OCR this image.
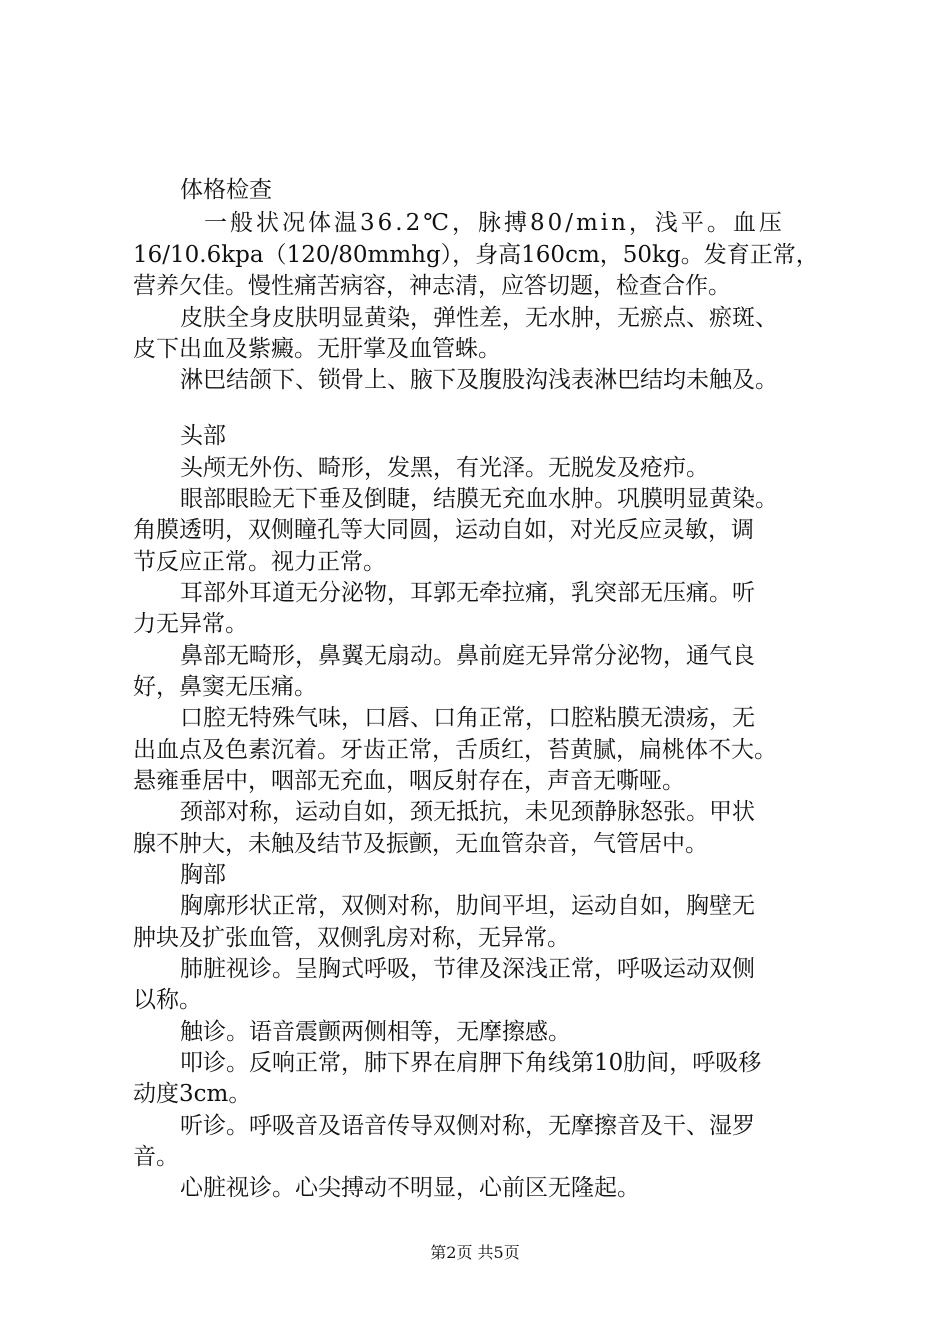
体格检查
一般状况体温36.2℃，脉搏80/min，浅平。血压
16/10.6kpa（120/80mmhg），身高160cm，50kg。发育正常，
营养欠佳。慢性痛苦病容，神志清，应答切题，检查合作。
皮肤全身皮肤明显黄染，弹性差，无水肿，无瘀点、瘀斑、
皮下出血及紫癜。无肝掌及血管蛛。
淋巴结颌下、锁骨上、腋下及腹股沟浅表淋巴结均未触及。
头部
头颅无外伤、畸形，发黑，有光泽。无脱发及疮疖。
眼部眼睑无下垂及倒睫，结膜无充血水肿。巩膜明显黄染。
角膜透明，双侧瞳孔等大同圆，运动自如，对光反应灵敏，调
节反应正常。视力正常。
耳部外耳道无分泌物，耳郭无牵拉痛，乳突部无压痛。听
力无异常。
鼻部无畸形，鼻翼无扇动。鼻前庭无异常分泌物，通气良
好，鼻窦无压痛。
口腔无特殊气味，口唇、口角正常，口腔粘膜无溃疡，无
出血点及色素沉着。牙齿正常，舌质红，苔黄腻，扁桃体不大。
悬雍垂居中，咽部无充血，咽反射存在，声音无嘶哑。
颈部对称，运动自如，颈无抵抗，未见颈静脉怒张。甲状
腺不肿大，未触及结节及振颤，无血管杂音，气管居中。
胸部
胸廓形状正常，双侧对称，肋间平坦，运动自如，胸壁无
肿块及扩张血管，双侧乳房对称，无异常。
肺脏视诊。呈胸式呼吸，节律及深浅正常，呼吸运动双侧
以称。
触诊。语音震颤两侧相等，无摩擦感。
叩诊。反响正常，肺下界在肩胛下角线第10肋间，呼吸移
动度3cm。
听诊。呼吸音及语音传导双侧对称，无摩擦音及干、湿罗
音。
心脏视诊。心尖搏动不明显，心前区无隆起。
第2页 共5页
